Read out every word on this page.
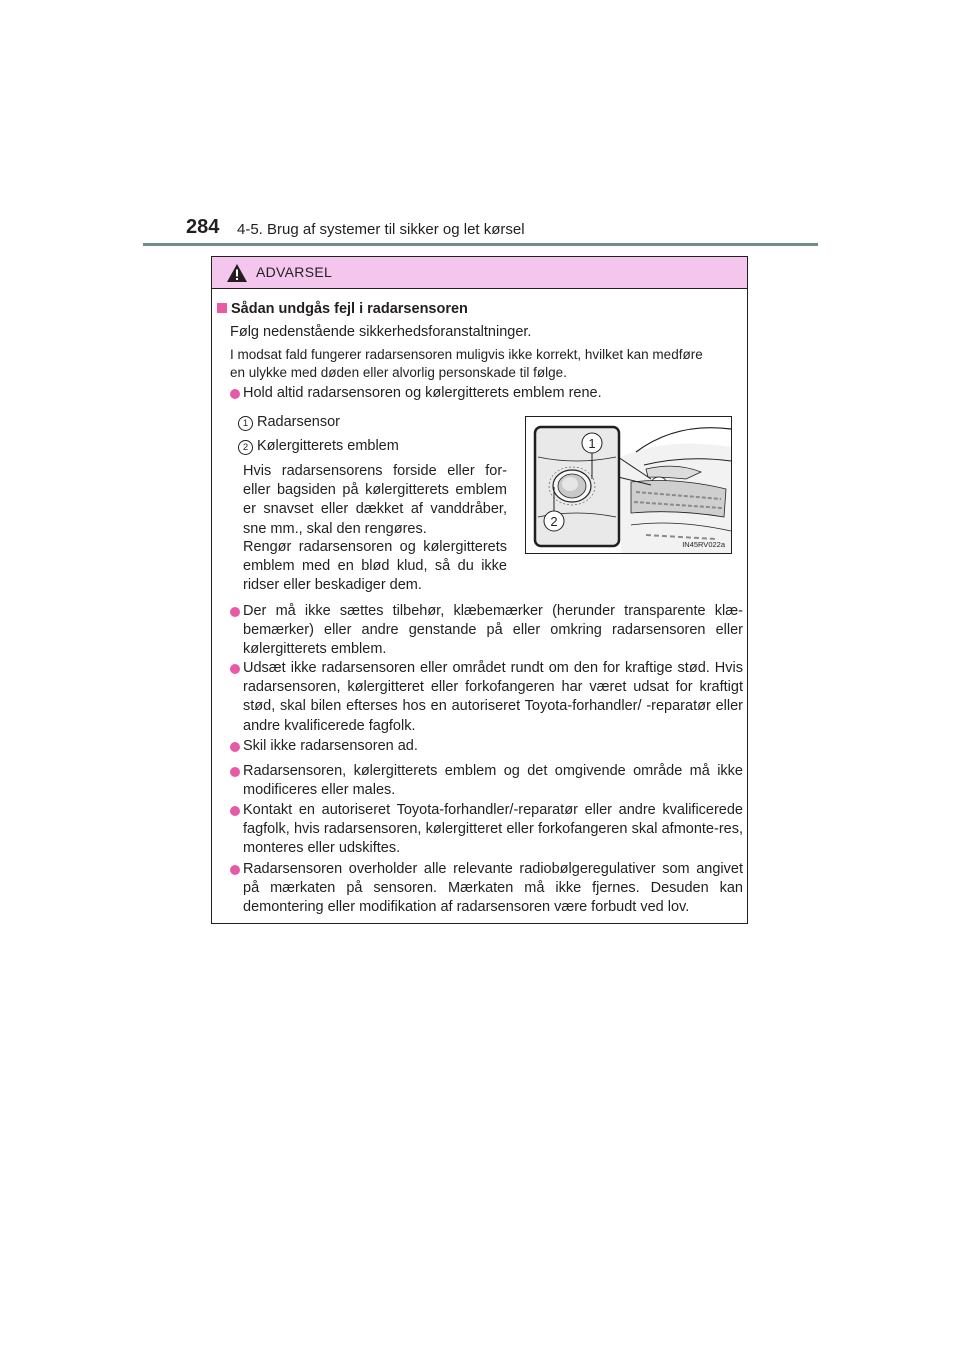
284 4-5. Brug af systemer til sikker og let kørsel
ADVARSEL
Sådan undgås fejl i radarsensoren
Følg nedenstående sikkerhedsforanstaltninger.
I modsat fald fungerer radarsensoren muligvis ikke korrekt, hvilket kan medføre
en ulykke med døden eller alvorlig personskade til følge.
Hold altid radarsensoren og kølergitterets emblem rene.
1 Radarsensor
2 Kølergitterets emblem
Hvis radarsensorens forside eller for-eller bagsiden på kølergitterets emblem er snavset eller dækket af vanddråber, sne mm., skal den rengøres.
Rengør radarsensoren og kølergitterets emblem med en blød klud, så du ikke ridser eller beskadiger dem.
1
2
IN45RV022a
Der må ikke sættes tilbehør, klæbemærker (herunder transparente klæ-bemærker) eller andre genstande på eller omkring radarsensoren eller kølergitterets emblem.
Udsæt ikke radarsensoren eller området rundt om den for kraftige stød. Hvis radarsensoren, kølergitteret eller forkofangeren har været udsat for kraftigt stød, skal bilen efterses hos en autoriseret Toyota-forhandler/ -reparatør eller andre kvalificerede fagfolk.
Skil ikke radarsensoren ad.
Radarsensoren, kølergitterets emblem og det omgivende område må ikke modificeres eller males.
Kontakt en autoriseret Toyota-forhandler/-reparatør eller andre kvalificerede fagfolk, hvis radarsensoren, kølergitteret eller forkofangeren skal afmonte-res, monteres eller udskiftes.
Radarsensoren overholder alle relevante radiobølgeregulativer som angivet på mærkaten på sensoren. Mærkaten må ikke fjernes. Desuden kan demontering eller modifikation af radarsensoren være forbudt ved lov.
